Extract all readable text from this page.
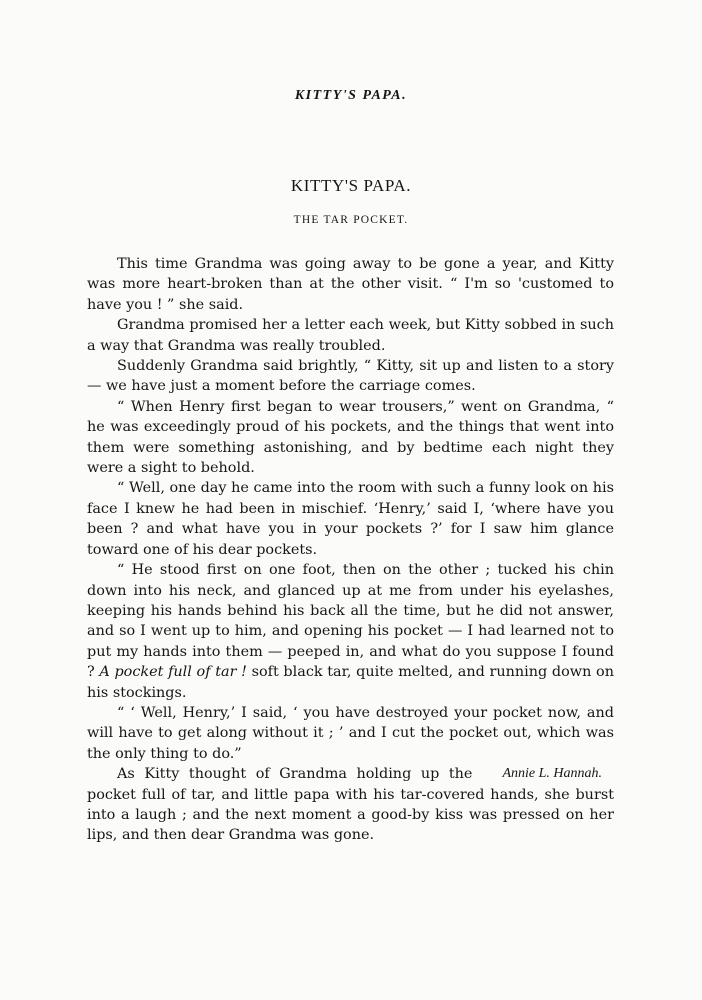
KITTY'S PAPA.
KITTY'S PAPA.
THE TAR POCKET.

This time Grandma was going away to be gone a year, and Kitty was more heart-broken than at the other visit. “ I'm so 'customed to have you ! ” she said.

Grandma promised her a letter each week, but Kitty sobbed in such a way that Grandma was really troubled.

Suddenly Grandma said brightly, “ Kitty, sit up and listen to a story — we have just a moment before the carriage comes.

“ When Henry first began to wear trousers,” went on Grandma, “ he was exceedingly proud of his pockets, and the things that went into them were something astonishing, and by bedtime each night they were a sight to behold.

“ Well, one day he came into the room with such a funny look on his face I knew he had been in mischief. ‘Henry,’ said I, ‘where have you been ? and what have you in your pockets ?’ for I saw him glance toward one of his dear pockets.

“ He stood first on one foot, then on the other ; tucked his chin down into his neck, and glanced up at me from under his eyelashes, keeping his hands behind his back all the time, but he did not answer, and so I went up to him, and opening his pocket — I had learned not to put my hands into them — peeped in, and what do you suppose I found ? A pocket full of tar ! soft black tar, quite melted, and running down on his stockings.

“ ‘ Well, Henry,’ I said, ‘ you have destroyed your pocket now, and will have to get along without it ; ’ and I cut the pocket out, which was the only thing to do.”

Annie L. Hannah.
As Kitty thought of Grandma holding up the pocket full of tar, and little papa with his tar-covered hands, she burst into a laugh ; and the next moment a good-by kiss was pressed on her lips, and then dear Grandma was gone.
